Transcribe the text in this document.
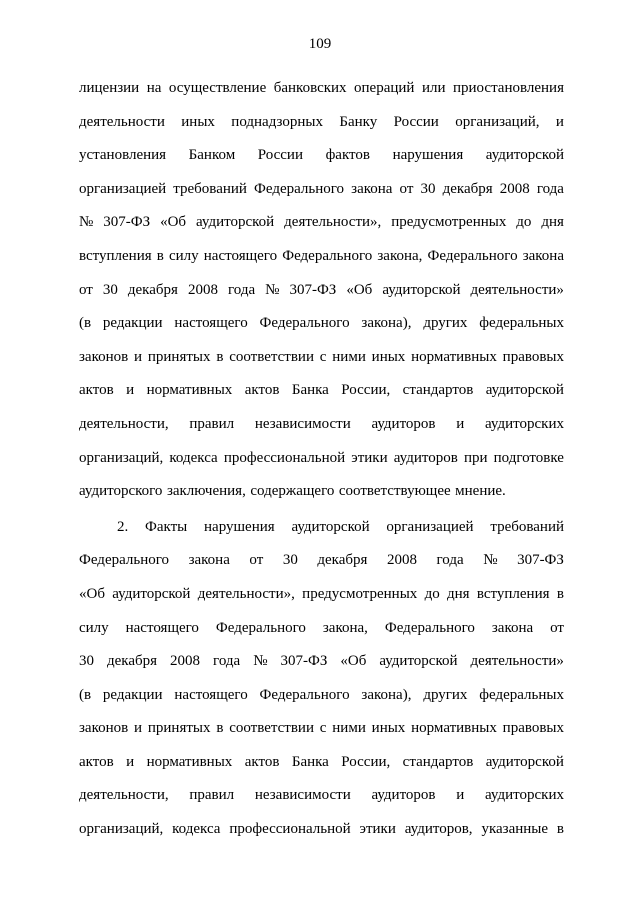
109
лицензии на осуществление банковских операций или приостановления
деятельности иных поднадзорных Банку России организаций, и
установления Банком России фактов нарушения аудиторской
организацией требований Федерального закона от 30 декабря 2008 года
№ 307-ФЗ «Об аудиторской деятельности», предусмотренных до дня
вступления в силу настоящего Федерального закона, Федерального закона
от 30 декабря 2008 года № 307-ФЗ «Об аудиторской деятельности»
(в редакции настоящего Федерального закона), других федеральных
законов и принятых в соответствии с ними иных нормативных правовых
актов и нормативных актов Банка России, стандартов аудиторской
деятельности, правил независимости аудиторов и аудиторских
организаций, кодекса профессиональной этики аудиторов при подготовке
аудиторского заключения, содержащего соответствующее мнение.
2. Факты нарушения аудиторской организацией требований
Федерального закона от 30 декабря 2008 года № 307-ФЗ
«Об аудиторской деятельности», предусмотренных до дня вступления в
силу настоящего Федерального закона, Федерального закона от
30 декабря 2008 года № 307-ФЗ «Об аудиторской деятельности»
(в редакции настоящего Федерального закона), других федеральных
законов и принятых в соответствии с ними иных нормативных правовых
актов и нормативных актов Банка России, стандартов аудиторской
деятельности, правил независимости аудиторов и аудиторских
организаций, кодекса профессиональной этики аудиторов, указанные в
